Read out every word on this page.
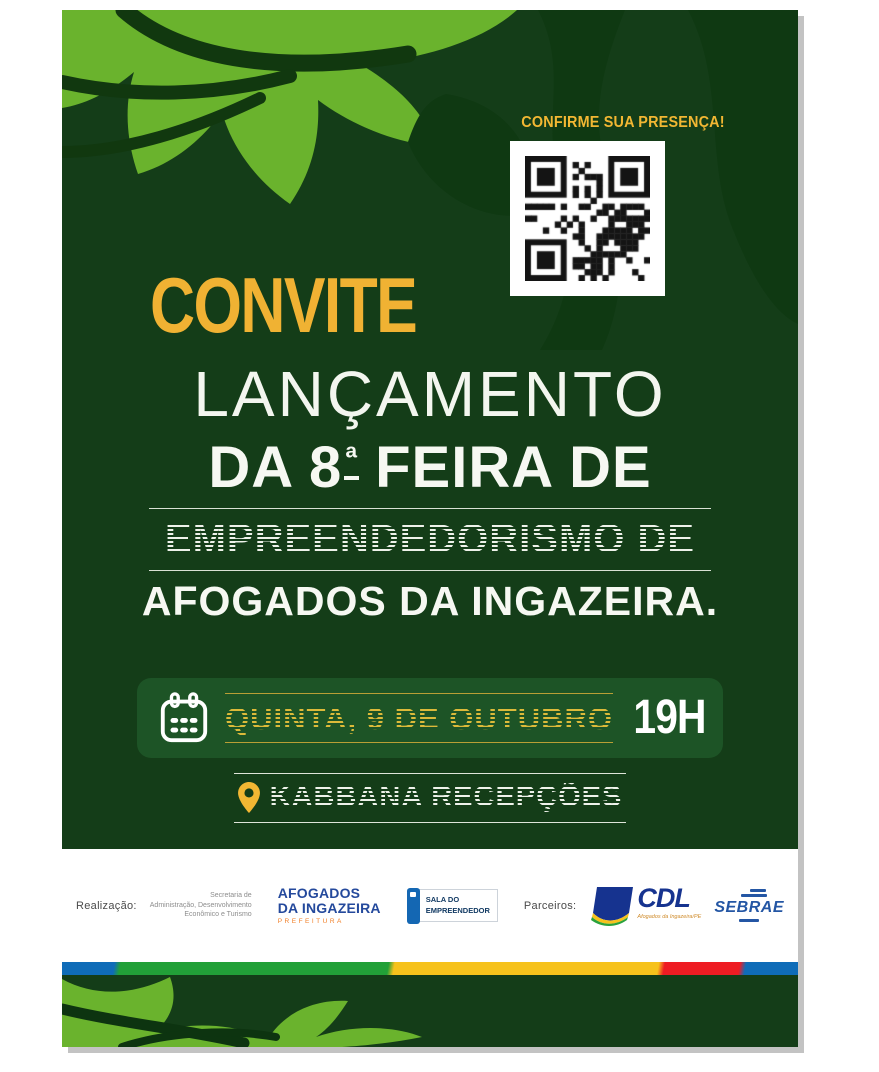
CONFIRME SUA PRESENÇA!
CONVITE
LANÇAMENTO
DA 8ª FEIRA DE
EMPREENDEDORISMO DE
AFOGADOS DA INGAZEIRA.
QUINTA, 9 DE OUTUBRO 19H
KABBANA RECEPÇÕES
Realização:
Secretaria de
Administração, Desenvolvimento
Econômico e Turismo
AFOGADOS
DA INGAZEIRA
PREFEITURA
SALA DO
EMPREENDEDOR	Parceiros: CDL
Afogados da Ingazeira/PE
SEBRAE
